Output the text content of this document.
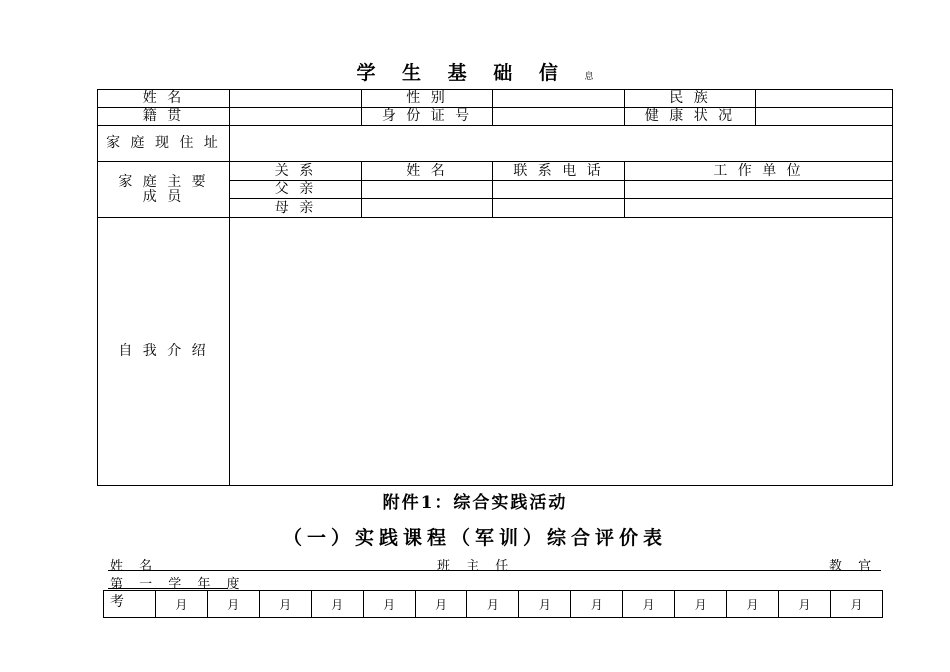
学 生 基 础 信 息
姓 名		性 别		民 族	
籍 贯		身 份 证 号		健 康 状 况	
家 庭 现 住 址					
家 庭 主 要 成 员	关 系	姓 名	联 系 电 话	工 作 单 位	
	父 亲				
	母 亲				
自 我 介 绍					
附件1：综合实践活动
（一）实践课程（军训）综合评价表
姓 名	班 主 任	教 官
第 一 学 年 度
考	月	月	月	月	月	月	月	月	月	月	月	月	月	月
